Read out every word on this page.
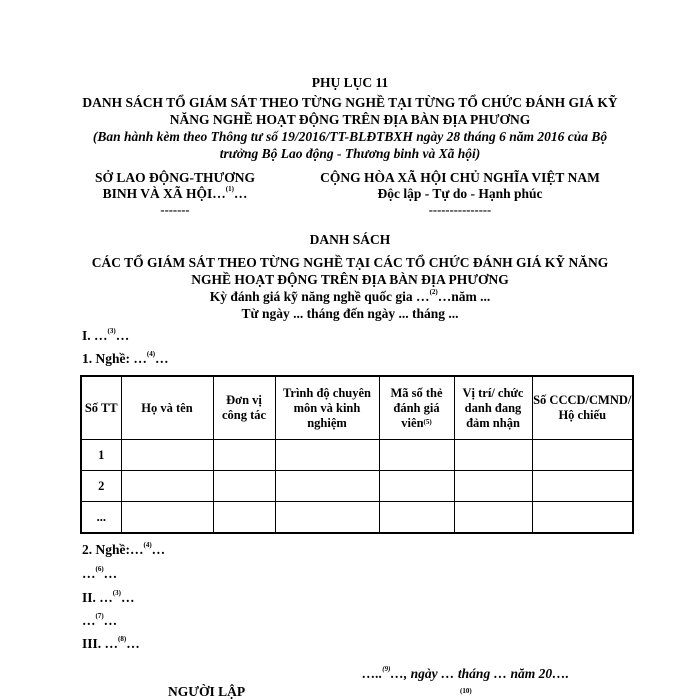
PHỤ LỤC 11
DANH SÁCH TỔ GIÁM SÁT THEO TỪNG NGHỀ TẠI TỪNG TỔ CHỨC ĐÁNH GIÁ KỸ
NĂNG NGHỀ HOẠT ĐỘNG TRÊN ĐỊA BÀN ĐỊA PHƯƠNG
(Ban hành kèm theo Thông tư số 19/2016/TT-BLĐTBXH ngày 28 tháng 6 năm 2016 của Bộ
trưởng Bộ Lao động - Thương binh và Xã hội)
SỞ LAO ĐỘNG-THƯƠNG
BINH VÀ XÃ HỘI…$^{(1)}$…
-------
CỘNG HÒA XÃ HỘI CHỦ NGHĨA VIỆT NAM
Độc lập - Tự do - Hạnh phúc
---------------
DANH SÁCH
CÁC TỔ GIÁM SÁT THEO TỪNG NGHỀ TẠI CÁC TỔ CHỨC ĐÁNH GIÁ KỸ NĂNG
NGHỀ HOẠT ĐỘNG TRÊN ĐỊA BÀN ĐỊA PHƯƠNG
Kỳ đánh giá kỹ năng nghề quốc gia …$^{(2)}$…năm ...
Từ ngày ... tháng đến ngày ... tháng ...
I. …$^{(3)}$…
1. Nghề: …$^{(4)}$…
Số TT	Họ và tên	Đơn vị công tác	Trình độ chuyên môn và kinh nghiệm	Mã số thẻ đánh giá viên$^{(5)}$	Vị trí/ chức danh đang đảm nhận	Số CCCD/CMND/ Hộ chiếu
1						
2						
...						
2. Nghề:…$^{(4)}$…
…$^{(6)}$…
II. …$^{(3)}$…
…$^{(7)}$…
III. …$^{(8)}$…
…..$^{(9)}$…, ngày … tháng … năm 20….
(10)
NGƯỜI LẬP
